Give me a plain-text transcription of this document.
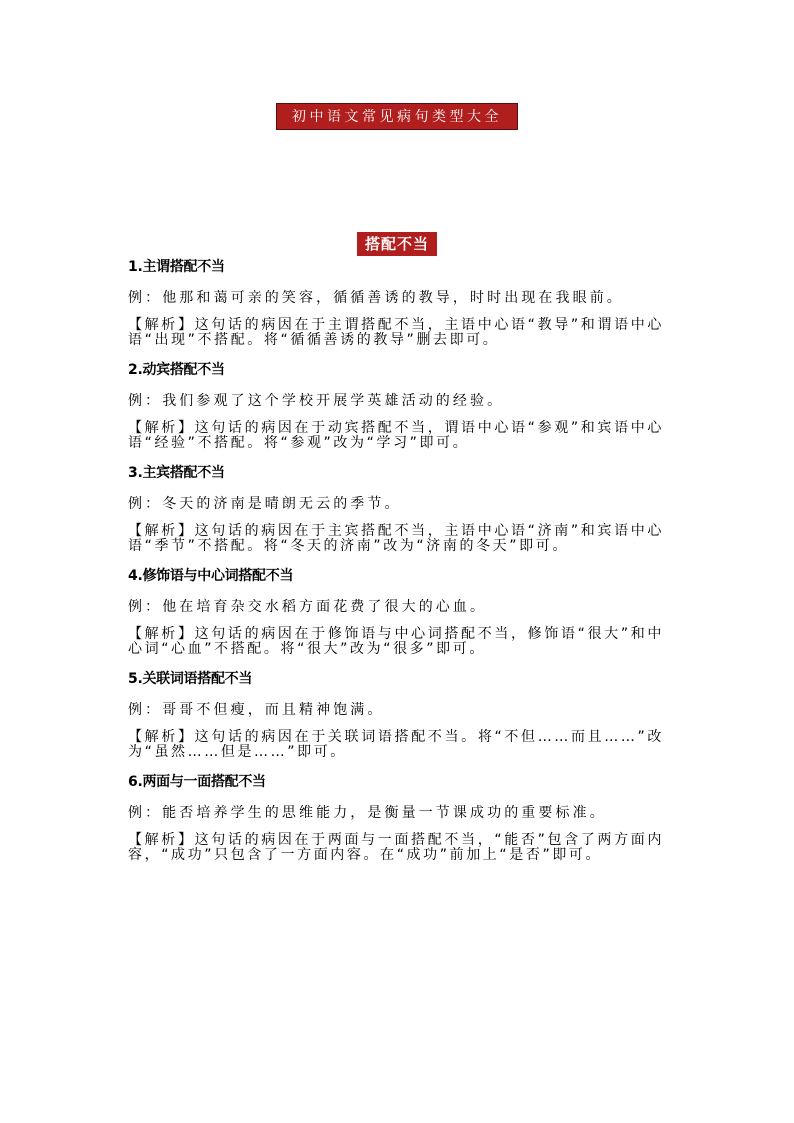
初中语文常见病句类型大全
搭配不当

1.主谓搭配不当

例：他那和蔼可亲的笑容，循循善诱的教导，时时出现在我眼前。

【解析】这句话的病因在于主谓搭配不当，主语中心语“教导”和谓语中心语“出现”不搭配。将“循循善诱的教导”删去即可。

2.动宾搭配不当

例：我们参观了这个学校开展学英雄活动的经验。

【解析】这句话的病因在于动宾搭配不当，谓语中心语“参观”和宾语中心语“经验”不搭配。将“参观”改为“学习”即可。

3.主宾搭配不当

例：冬天的济南是晴朗无云的季节。

【解析】这句话的病因在于主宾搭配不当，主语中心语“济南”和宾语中心语“季节”不搭配。将“冬天的济南”改为“济南的冬天”即可。

4.修饰语与中心词搭配不当

例：他在培育杂交水稻方面花费了很大的心血。

【解析】这句话的病因在于修饰语与中心词搭配不当，修饰语“很大”和中心词“心血”不搭配。将“很大”改为“很多”即可。

5.关联词语搭配不当

例：哥哥不但瘦，而且精神饱满。

【解析】这句话的病因在于关联词语搭配不当。将“不但……而且……”改为“虽然……但是……”即可。

6.两面与一面搭配不当

例：能否培养学生的思维能力，是衡量一节课成功的重要标准。

【解析】这句话的病因在于两面与一面搭配不当，“能否”包含了两方面内容，“成功”只包含了一方面内容。在“成功”前加上“是否”即可。
